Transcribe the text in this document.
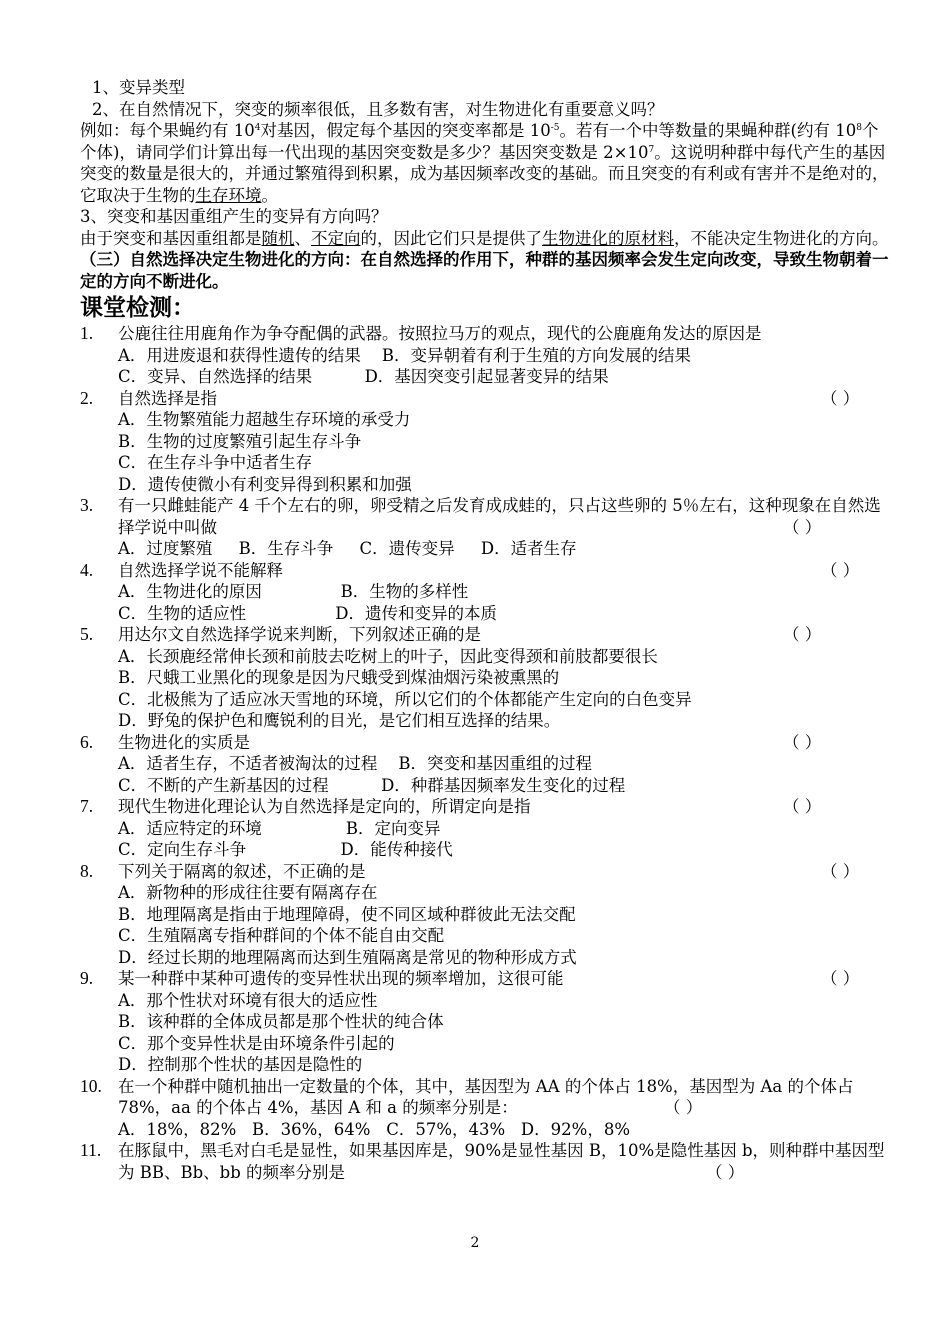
1、变异类型

2、在自然情况下，突变的频率很低，且多数有害，对生物进化有重要意义吗？

例如：每个果蝇约有 $10^4$对基因，假定每个基因的突变率都是 $10^{-5}$。若有一个中等数量的果蝇种群(约有 $10^8$个个体)，请同学们计算出每一代出现的基因突变数是多少？基因突变数是 $2\times 10^7$。这说明种群中每代产生的基因突变的数量是很大的，并通过繁殖得到积累，成为基因频率改变的基础。而且突变的有利或有害并不是绝对的，它取决于生物的生存环境。

3、突变和基因重组产生的变异有方向吗？

由于突变和基因重组都是随机、不定向的，因此它们只是提供了生物进化的原材料，不能决定生物进化的方向。

（三）自然选择决定生物进化的方向：在自然选择的作用下，种群的基因频率会发生定向改变，导致生物朝着一定的方向不断进化。

课堂检测：

1.	公鹿往往用鹿角作为争夺配偶的武器。按照拉马万的观点，现代的公鹿鹿角发达的原因是

A．用进废退和获得性遗传的结果    B．变异朝着有利于生殖的方向发展的结果

C．变异、自然选择的结果          D．基因突变引起显著变异的结果

2.	自然选择是指	（ ）

A．生物繁殖能力超越生存环境的承受力

B．生物的过度繁殖引起生存斗争

C．在生存斗争中适者生存

D．遗传使微小有利变异得到积累和加强

3.	有一只雌蛙能产 4 千个左右的卵，卵受精之后发育成成蛙的，只占这些卵的 5％左右，这种现象在自然选择学说中叫做	（ ）

A．过度繁殖     B．生存斗争     C．遗传变异     D．适者生存

4.	自然选择学说不能解释	（ ）

A．生物进化的原因               B．生物的多样性

C．生物的适应性                 D．遗传和变异的本质

5.	用达尔文自然选择学说来判断，下列叙述正确的是	（ ）

A．长颈鹿经常伸长颈和前肢去吃树上的叶子，因此变得颈和前肢都要很长

B．尺蛾工业黑化的现象是因为尺蛾受到煤油烟污染被熏黑的

C．北极熊为了适应冰天雪地的环境，所以它们的个体都能产生定向的白色变异

D．野兔的保护色和鹰锐利的目光，是它们相互选择的结果。

6.	生物进化的实质是	（ ）

A．适者生存，不适者被淘汰的过程    B．突变和基因重组的过程

C．不断的产生新基因的过程          D．种群基因频率发生变化的过程

7.	现代生物进化理论认为自然选择是定向的，所谓定向是指	（ ）

A．适应特定的环境                B．定向变异

C．定向生存斗争                  D．能传种接代

8.	下列关于隔离的叙述，不正确的是	（ ）

A．新物种的形成往往要有隔离存在

B．地理隔离是指由于地理障碍，使不同区域种群彼此无法交配

C．生殖隔离专指种群间的个体不能自由交配

D．经过长期的地理隔离而达到生殖隔离是常见的物种形成方式

9.	某一种群中某种可遗传的变异性状出现的频率增加，这很可能	（ ）

A．那个性状对环境有很大的适应性

B．该种群的全体成员都是那个性状的纯合体

C．那个变异性状是由环境条件引起的

D．控制那个性状的基因是隐性的

10. 在一个种群中随机抽出一定数量的个体，其中，基因型为 AA 的个体占 18%，基因型为 Aa 的个体占 78%，aa 的个体占 4%，基因 A 和 a 的频率分别是：	（ ）

A．18%，82%   B．36%，64%   C．57%，43%   D．92%，8%

11.	在豚鼠中，黑毛对白毛是显性，如果基因库是，90%是显性基因 B，10%是隐性基因 b，则种群中基因型为 BB、Bb、bb 的频率分别是	（ ）

2
